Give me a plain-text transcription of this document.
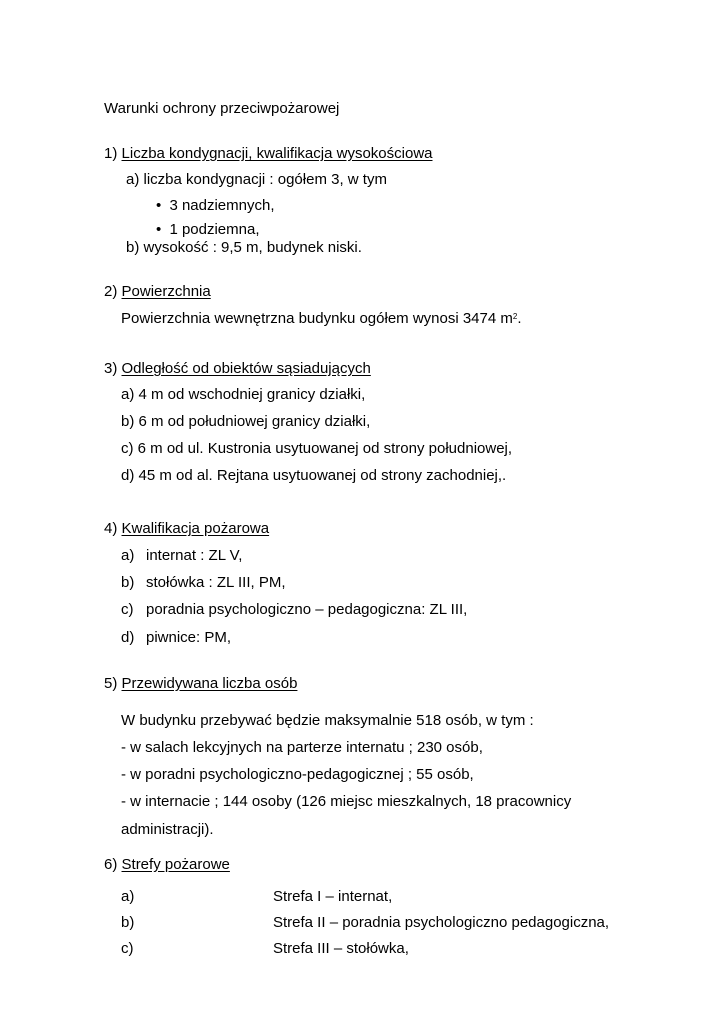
Warunki ochrony przeciwpożarowej
1) Liczba kondygnacji, kwalifikacja wysokościowa
a) liczba kondygnacji : ogółem 3, w tym
• 3 nadziemnych,
• 1 podziemna,
b) wysokość : 9,5 m, budynek niski.
2) Powierzchnia
Powierzchnia wewnętrzna budynku ogółem wynosi 3474 $m^2$.
3) Odległość od obiektów sąsiadujących
a) 4 m od wschodniej granicy działki,
b) 6 m od południowej granicy działki,
c) 6 m od ul. Kustronia usytuowanej od strony południowej,
d) 45 m od al. Rejtana usytuowanej od strony zachodniej,.
4) Kwalifikacja pożarowa
a) internat : ZL V,
b) stołówka : ZL III, PM,
c) poradnia psychologiczno – pedagogiczna: ZL III,
d) piwnice: PM,
5) Przewidywana liczba osób
W budynku przebywać będzie maksymalnie 518 osób, w tym :
- w salach lekcyjnych na parterze internatu ; 230 osób,
- w poradni psychologiczno-pedagogicznej ; 55 osób,
- w internacie ; 144 osoby (126 miejsc mieszkalnych, 18 pracownicy
administracji).
6) Strefy pożarowe
a)	Strefa I – internat,
b)	Strefa II – poradnia psychologiczno pedagogiczna,
c)	Strefa III – stołówka,
